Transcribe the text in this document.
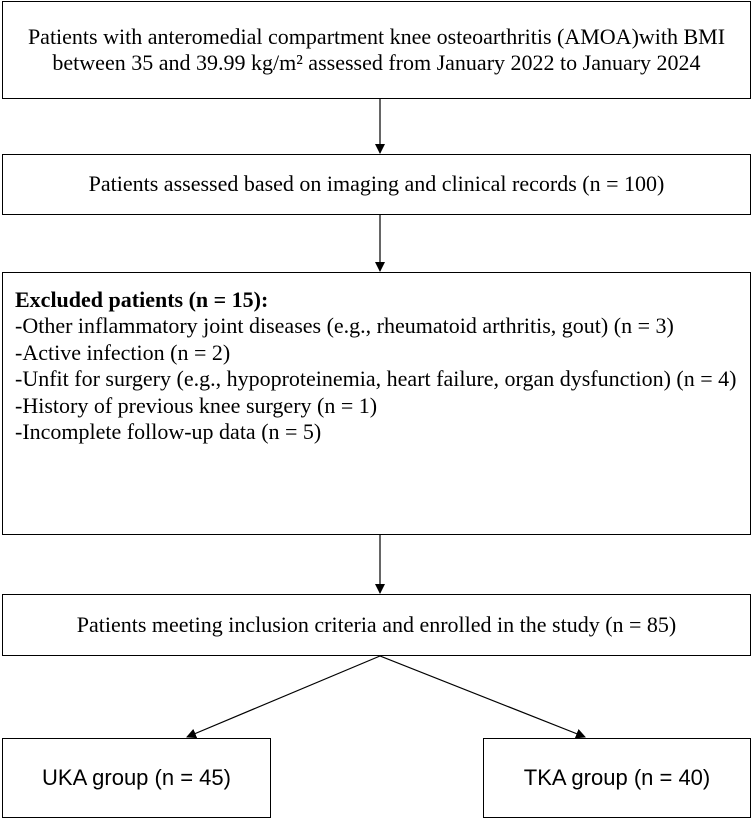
Patients with anteromedial compartment knee osteoarthritis (AMOA)with BMI between 35 and 39.99 kg/m² assessed from January 2022 to January 2024
Patients assessed based on imaging and clinical records (n = 100)
Excluded patients (n = 15):
-Other inflammatory joint diseases (e.g., rheumatoid arthritis, gout) (n = 3)
-Active infection (n = 2)
-Unfit for surgery (e.g., hypoproteinemia, heart failure, organ dysfunction) (n = 4)
-History of previous knee surgery (n = 1)
-Incomplete follow-up data (n = 5)
Patients meeting inclusion criteria and enrolled in the study (n = 85)
UKA group (n = 45)	TKA group (n = 40)
